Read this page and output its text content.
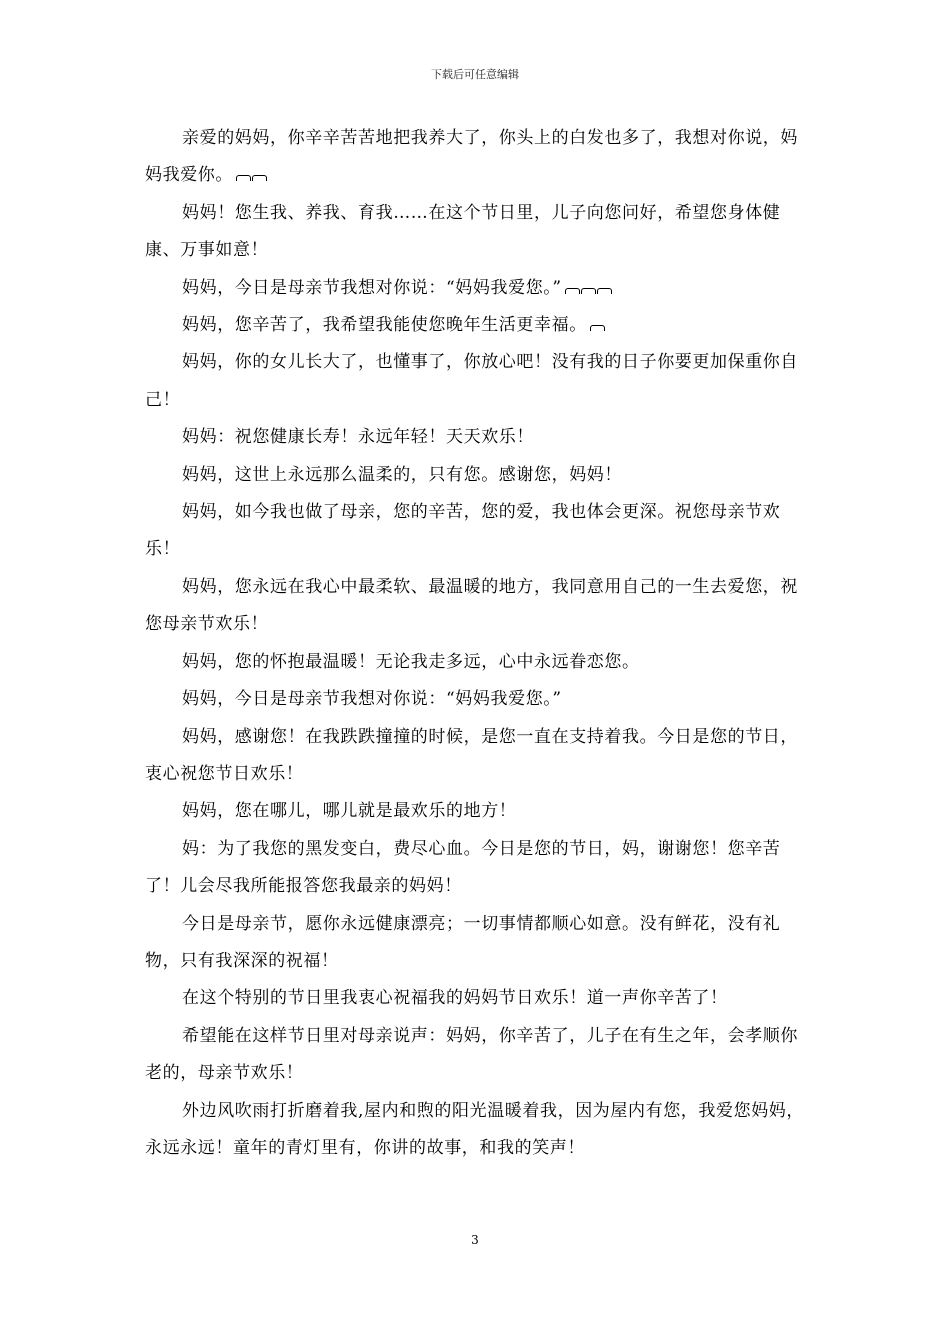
下载后可任意编辑

亲爱的妈妈，你辛辛苦苦地把我养大了，你头上的白发也多了，我想对你说，妈妈我爱你。

妈妈！您生我、养我、育我……在这个节日里，儿子向您问好，希望您身体健康、万事如意！

妈妈，今日是母亲节我想对你说：“妈妈我爱您。”

妈妈，您辛苦了，我希望我能使您晚年生活更幸福。

妈妈，你的女儿长大了，也懂事了，你放心吧！没有我的日子你要更加保重你自己！

妈妈：祝您健康长寿！永远年轻！天天欢乐！

妈妈，这世上永远那么温柔的，只有您。感谢您，妈妈！

妈妈，如今我也做了母亲，您的辛苦，您的爱，我也体会更深。祝您母亲节欢乐！

妈妈，您永远在我心中最柔软、最温暖的地方，我同意用自己的一生去爱您，祝您母亲节欢乐！

妈妈，您的怀抱最温暖！无论我走多远，心中永远眷恋您。

妈妈，今日是母亲节我想对你说：“妈妈我爱您。”

妈妈，感谢您！在我跌跌撞撞的时候，是您一直在支持着我。今日是您的节日，衷心祝您节日欢乐！

妈妈，您在哪儿，哪儿就是最欢乐的地方！

妈：为了我您的黑发变白，费尽心血。今日是您的节日，妈，谢谢您！您辛苦了！儿会尽我所能报答您我最亲的妈妈！

今日是母亲节，愿你永远健康漂亮；一切事情都顺心如意。没有鲜花，没有礼物，只有我深深的祝福！

在这个特别的节日里我衷心祝福我的妈妈节日欢乐！道一声你辛苦了！

希望能在这样节日里对母亲说声：妈妈，你辛苦了，儿子在有生之年，会孝顺你老的，母亲节欢乐！

外边风吹雨打折磨着我,屋内和煦的阳光温暖着我，因为屋内有您，我爱您妈妈，永远永远！童年的青灯里有，你讲的故事，和我的笑声！

3
